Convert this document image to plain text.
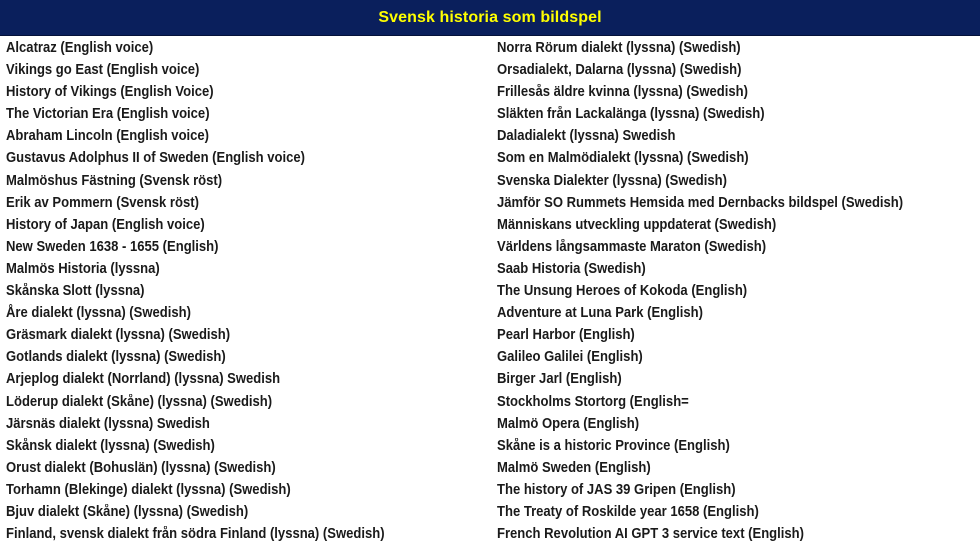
Svensk historia som bildspel
Alcatraz (English voice)
Vikings go East (English voice)
History of Vikings (English Voice)
The Victorian Era (English voice)
Abraham Lincoln (English voice)
Gustavus Adolphus II of Sweden (English voice)
Malmöshus Fästning (Svensk röst)
Erik av Pommern (Svensk röst)
History of Japan (English voice)
New Sweden 1638 - 1655 (English)
Malmös Historia (lyssna)
Skånska Slott (lyssna)
Åre dialekt (lyssna) (Swedish)
Gräsmark dialekt (lyssna) (Swedish)
Gotlands dialekt (lyssna) (Swedish)
Arjeplog dialekt (Norrland) (lyssna) Swedish
Löderup dialekt (Skåne) (lyssna) (Swedish)
Järsnäs dialekt (lyssna) Swedish
Skånsk dialekt (lyssna) (Swedish)
Orust dialekt (Bohuslän) (lyssna) (Swedish)
Torhamn (Blekinge) dialekt (lyssna) (Swedish)
Bjuv dialekt (Skåne) (lyssna) (Swedish)
Finland, svensk dialekt från södra Finland (lyssna) (Swedish)
Norra Rörum dialekt (lyssna) (Swedish)
Orsadialekt, Dalarna (lyssna) (Swedish)
Frillesås äldre kvinna (lyssna) (Swedish)
Släkten från Lackalänga (lyssna) (Swedish)
Daladialekt (lyssna) Swedish
Som en Malmödialekt (lyssna) (Swedish)
Svenska Dialekter (lyssna) (Swedish)
Jämför SO Rummets Hemsida med Dernbacks bildspel (Swedish)
Människans utveckling uppdaterat (Swedish)
Världens långsammaste Maraton (Swedish)
Saab Historia (Swedish)
The Unsung Heroes of Kokoda (English)
Adventure at Luna Park (English)
Pearl Harbor (English)
Galileo Galilei (English)
Birger Jarl (English)
Stockholms Stortorg (English=
Malmö Opera (English)
Skåne is a historic Province (English)
Malmö Sweden (English)
The history of JAS 39 Gripen (English)
The Treaty of Roskilde year 1658 (English)
French Revolution AI GPT 3 service text (English)
